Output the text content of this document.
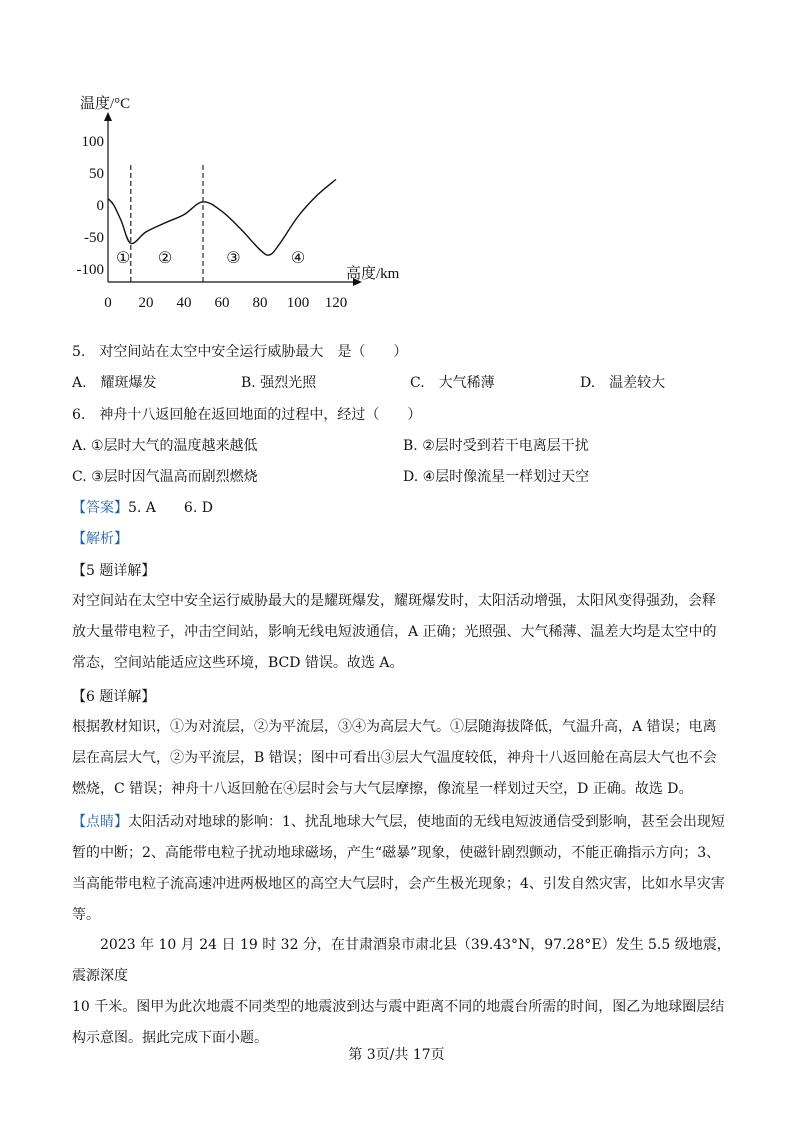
温度/°C
高度/km
100
50
0
-50
-100
0 20 40 60 80 100 120
① ②	③	④
5.　对空间站在太空中安全运行威胁最大　是（　　）
A.　耀斑爆发	B. 强烈光照	C.　大气稀薄	D.　温差较大
6.　神舟十八返回舱在返回地面的过程中，经过（　　）
A. ①层时大气的温度越来越低	B. ②层时受到若干电离层干扰
C. ③层时因气温高而剧烈燃烧	D. ④层时像流星一样划过天空
【答案】5. A　　6. D
【解析】
【5 题详解】
对空间站在太空中安全运行威胁最大的是耀斑爆发，耀斑爆发时，太阳活动增强，太阳风变得强劲，会释
放大量带电粒子，冲击空间站，影响无线电短波通信，A 正确；光照强、大气稀薄、温差大均是太空中的
常态，空间站能适应这些环境，BCD 错误。故选 A。
【6 题详解】
根据教材知识，①为对流层，②为平流层，③④为高层大气。①层随海拔降低，气温升高，A 错误；电离
层在高层大气，②为平流层，B 错误；图中可看出③层大气温度较低，神舟十八返回舱在高层大气也不会
燃烧，C 错误；神舟十八返回舱在④层时会与大气层摩擦，像流星一样划过天空，D 正确。故选 D。
【点睛】太阳活动对地球的影响：1、扰乱地球大气层，使地面的无线电短波通信受到影响，甚至会出现短
暂的中断；2、高能带电粒子扰动地球磁场，产生“磁暴”现象，使磁针剧烈颤动，不能正确指示方向；3、
当高能带电粒子流高速冲进两极地区的高空大气层时，会产生极光现象；4、引发自然灾害，比如水旱灾害
等。
　　2023 年 10 月 24 日 19 时 32 分，在甘肃酒泉市肃北县（39.43°N，97.28°E）发生 5.5 级地震，震源深度
10 千米。图甲为此次地震不同类型的地震波到达与震中距离不同的地震台所需的时间，图乙为地球圈层结
构示意图。据此完成下面小题。
第 3页/共 17页
